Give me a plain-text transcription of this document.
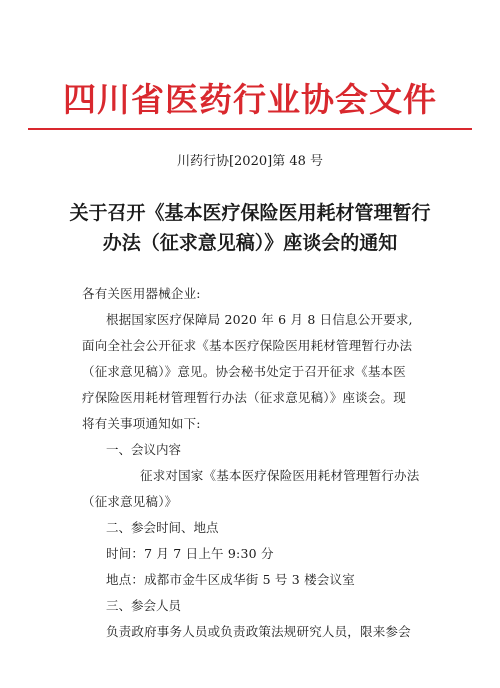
四川省医药行业协会文件
川药行协[2020]第 48 号
关于召开《基本医疗保险医用耗材管理暂行
办法（征求意见稿）》座谈会的通知
各有关医用器械企业:
根据国家医疗保障局 2020 年 6 月 8 日信息公开要求,
面向全社会公开征求《基本医疗保险医用耗材管理暂行办法
（征求意见稿）》意见。协会秘书处定于召开征求《基本医
疗保险医用耗材管理暂行办法（征求意见稿）》座谈会。现
将有关事项通知如下:
一、会议内容
征求对国家《基本医疗保险医用耗材管理暂行办法
（征求意见稿）》
二、参会时间、地点
时间：7 月 7 日上午 9:30 分
地点：成都市金牛区成华街 5 号 3 楼会议室
三、参会人员
负责政府事务人员或负责政策法规研究人员，限来参会
